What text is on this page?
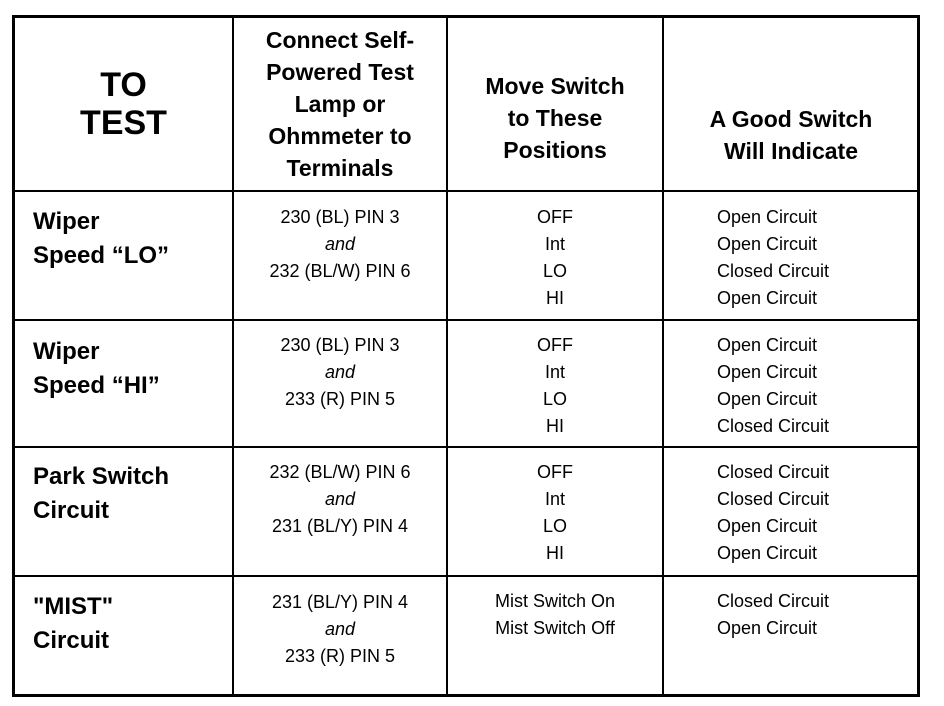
TO
TEST
Connect Self-
Powered Test
Lamp or
Ohmmeter to
Terminals
Move Switch
to These
Positions
A Good Switch
Will Indicate
Wiper
Speed “LO”
230 (BL) PIN 3
and
232 (BL/W) PIN 6
OFF
Int
LO
HI
Open Circuit
Open Circuit
Closed Circuit
Open Circuit
Wiper
Speed “HI”
230 (BL) PIN 3
and
233 (R) PIN 5
OFF
Int
LO
HI
Open Circuit
Open Circuit
Open Circuit
Closed Circuit
Park Switch
Circuit
232 (BL/W) PIN 6
and
231 (BL/Y) PIN 4
OFF
Int
LO
HI
Closed Circuit
Closed Circuit
Open Circuit
Open Circuit
"MIST"
Circuit
231 (BL/Y) PIN 4
and
233 (R) PIN 5
Mist Switch On
Mist Switch Off
Closed Circuit
Open Circuit
